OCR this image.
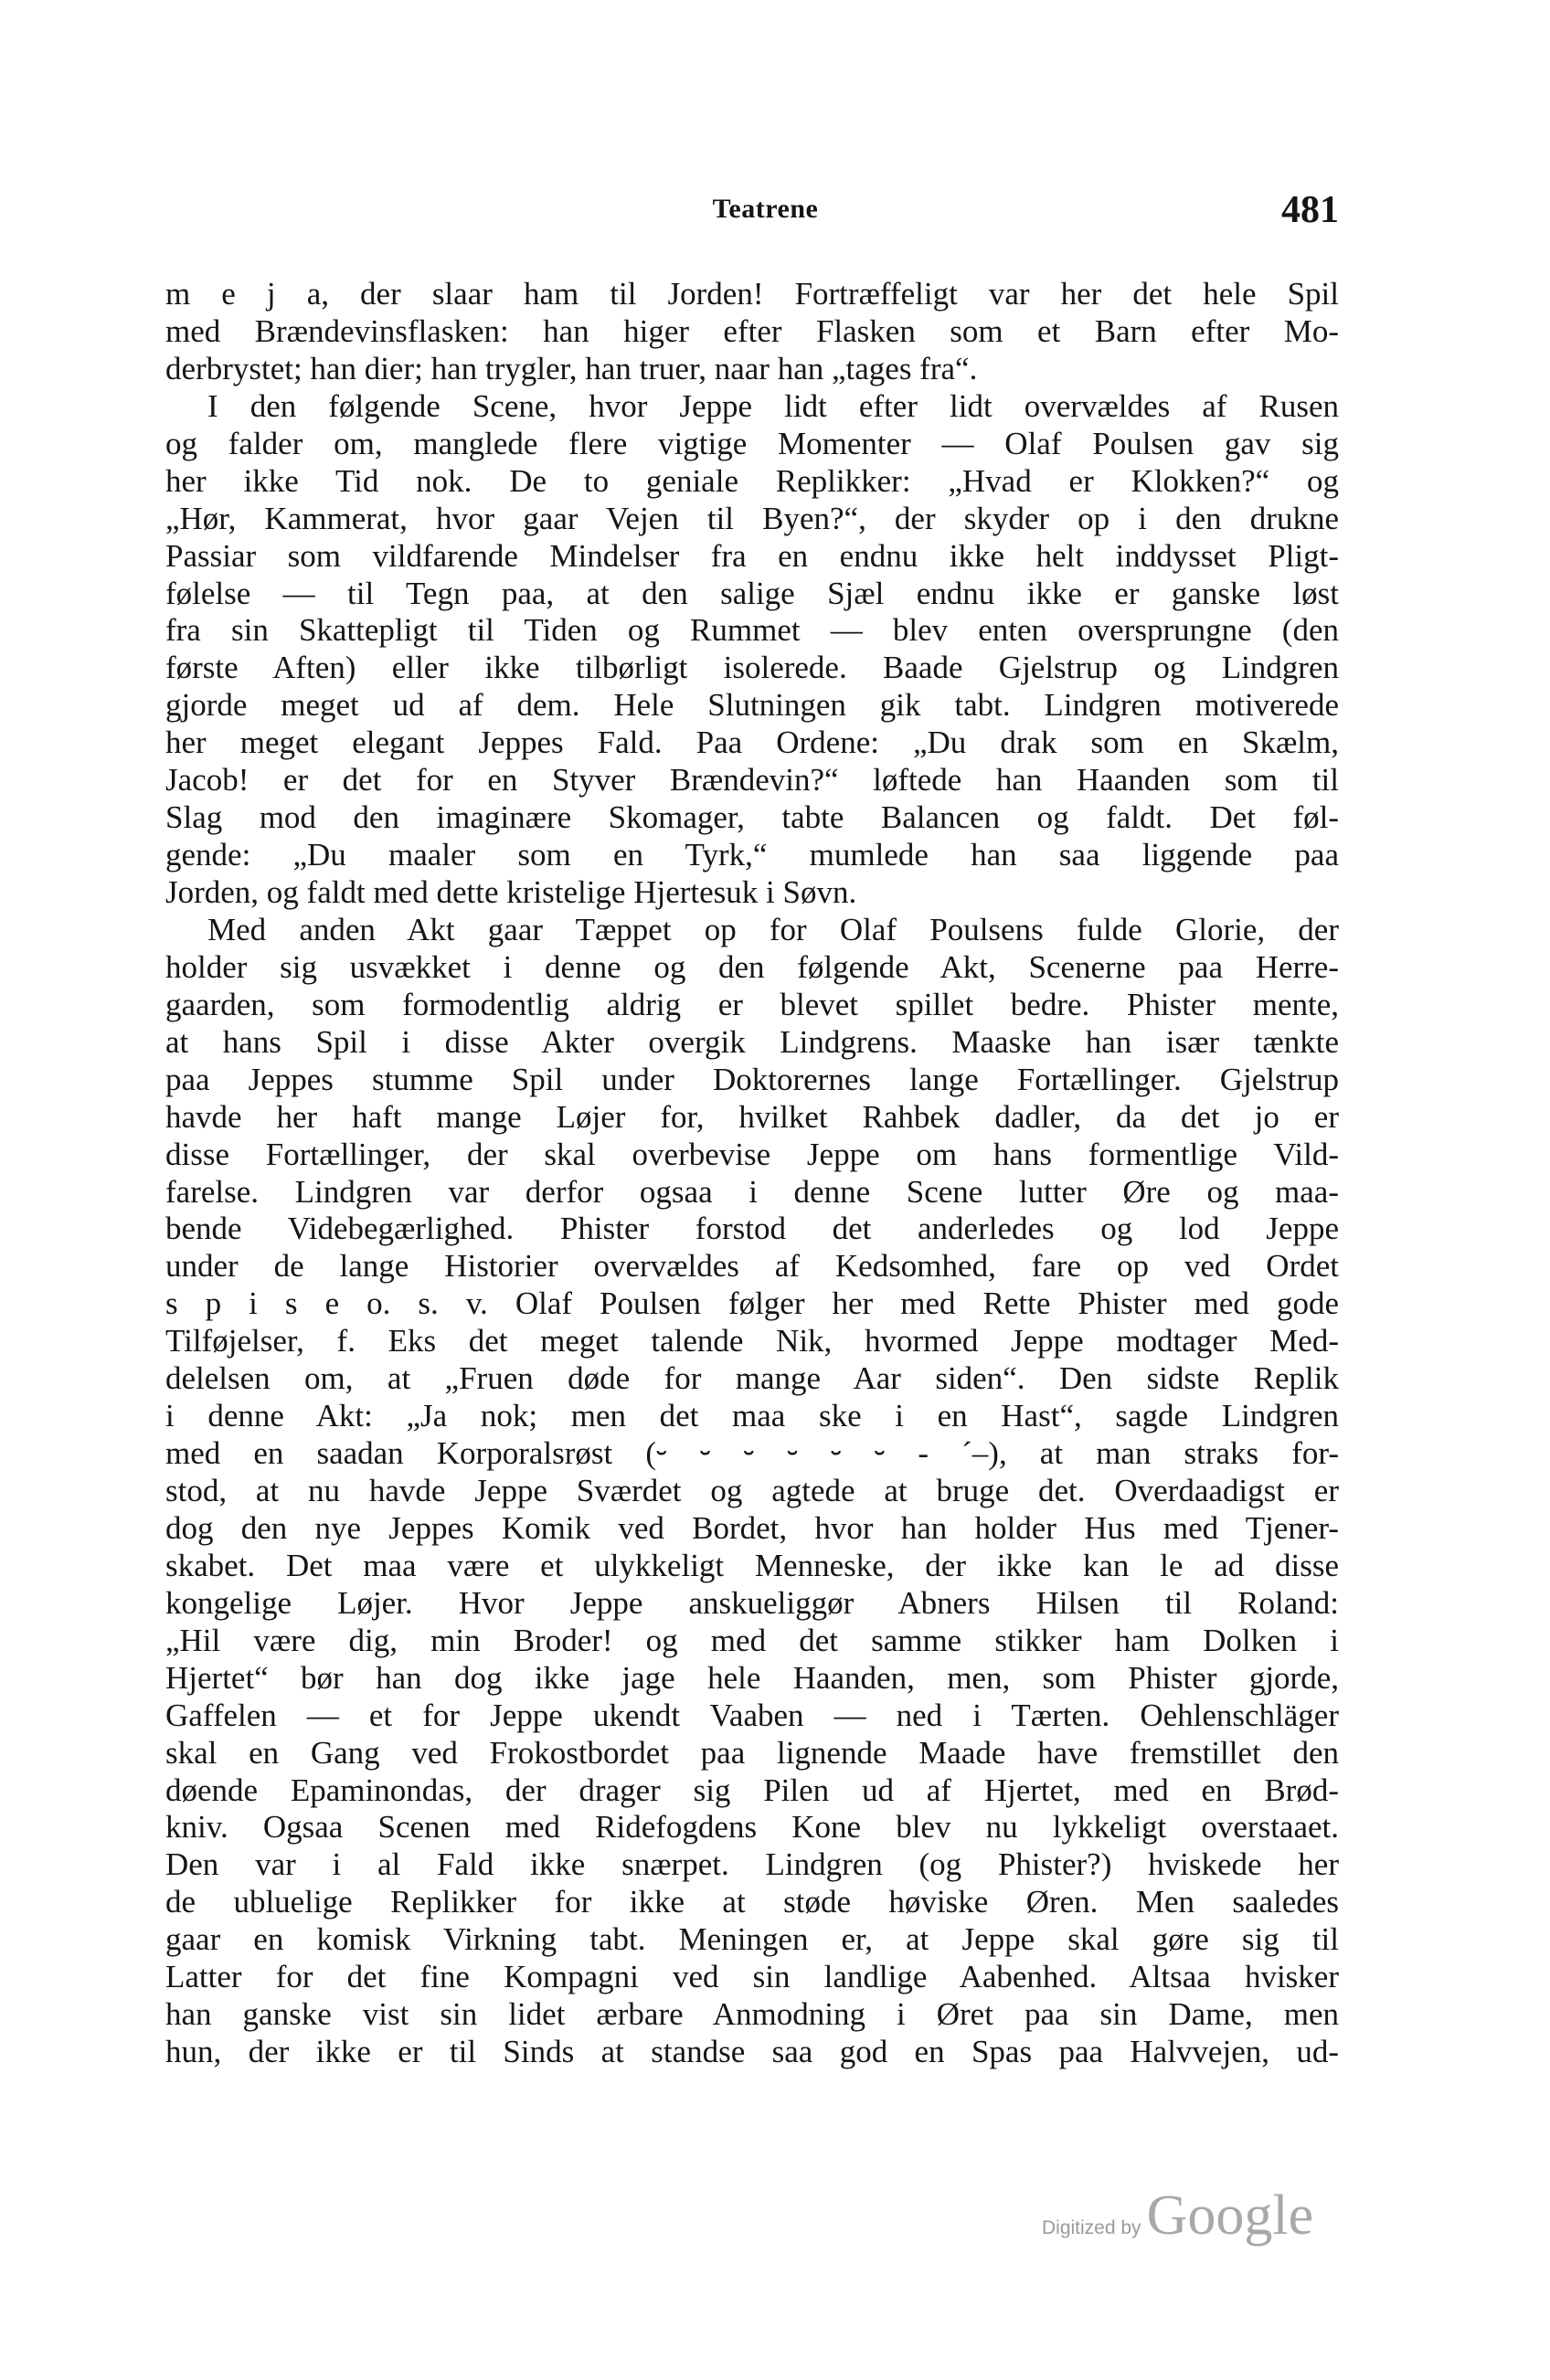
Teatrene	481
m e j a, der slaar ham til Jorden! Fortræffeligt var her det hele Spil
med Brændevinsflasken: han higer efter Flasken som et Barn efter Mo-
derbrystet; han dier; han trygler, han truer, naar han „tages fra“.
I den følgende Scene, hvor Jeppe lidt efter lidt overvældes af Rusen
og falder om, manglede flere vigtige Momenter — Olaf Poulsen gav sig
her ikke Tid nok. De to geniale Replikker: „Hvad er Klokken?“ og
„Hør, Kammerat, hvor gaar Vejen til Byen?“, der skyder op i den drukne
Passiar som vildfarende Mindelser fra en endnu ikke helt inddysset Pligt-
følelse — til Tegn paa, at den salige Sjæl endnu ikke er ganske løst
fra sin Skattepligt til Tiden og Rummet — blev enten oversprungne (den
første Aften) eller ikke tilbørligt isolerede. Baade Gjelstrup og Lindgren
gjorde meget ud af dem. Hele Slutningen gik tabt. Lindgren motiverede
her meget elegant Jeppes Fald. Paa Ordene: „Du drak som en Skælm,
Jacob! er det for en Styver Brændevin?“ løftede han Haanden som til
Slag mod den imaginære Skomager, tabte Balancen og faldt. Det føl-
gende: „Du maaler som en Tyrk,“ mumlede han saa liggende paa
Jorden, og faldt med dette kristelige Hjertesuk i Søvn.
Med anden Akt gaar Tæppet op for Olaf Poulsens fulde Glorie, der
holder sig usvækket i denne og den følgende Akt, Scenerne paa Herre-
gaarden, som formodentlig aldrig er blevet spillet bedre. Phister mente,
at hans Spil i disse Akter overgik Lindgrens. Maaske han især tænkte
paa Jeppes stumme Spil under Doktorernes lange Fortællinger. Gjelstrup
havde her haft mange Løjer for, hvilket Rahbek dadler, da det jo er
disse Fortællinger, der skal overbevise Jeppe om hans formentlige Vild-
farelse. Lindgren var derfor ogsaa i denne Scene lutter Øre og maa-
bende Videbegærlighed. Phister forstod det anderledes og lod Jeppe
under de lange Historier overvældes af Kedsomhed, fare op ved Ordet
s p i s e o. s. v. Olaf Poulsen følger her med Rette Phister med gode
Tilføjelser, f. Eks det meget talende Nik, hvormed Jeppe modtager Med-
delelsen om, at „Fruen døde for mange Aar siden“. Den sidste Replik
i denne Akt: „Ja nok; men det maa ske i en Hast“, sagde Lindgren
med en saadan Korporalsrøst (⏑ ⏑ ⏑ ⏑ ⏑ ⏑ - ´–), at man straks for-
stod, at nu havde Jeppe Sværdet og agtede at bruge det. Overdaadigst er
dog den nye Jeppes Komik ved Bordet, hvor han holder Hus med Tjener-
skabet. Det maa være et ulykkeligt Menneske, der ikke kan le ad disse
kongelige Løjer. Hvor Jeppe anskueliggør Abners Hilsen til Roland:
„Hil være dig, min Broder! og med det samme stikker ham Dolken i
Hjertet“ bør han dog ikke jage hele Haanden, men, som Phister gjorde,
Gaffelen — et for Jeppe ukendt Vaaben — ned i Tærten. Oehlenschläger
skal en Gang ved Frokostbordet paa lignende Maade have fremstillet den
døende Epaminondas, der drager sig Pilen ud af Hjertet, med en Brød-
kniv. Ogsaa Scenen med Ridefogdens Kone blev nu lykkeligt overstaaet.
Den var i al Fald ikke snærpet. Lindgren (og Phister?) hviskede her
de ubluelige Replikker for ikke at støde høviske Øren. Men saaledes
gaar en komisk Virkning tabt. Meningen er, at Jeppe skal gøre sig til
Latter for det fine Kompagni ved sin landlige Aabenhed. Altsaa hvisker
han ganske vist sin lidet ærbare Anmodning i Øret paa sin Dame, men
hun, der ikke er til Sinds at standse saa god en Spas paa Halvvejen, ud-
Digitized by Google
